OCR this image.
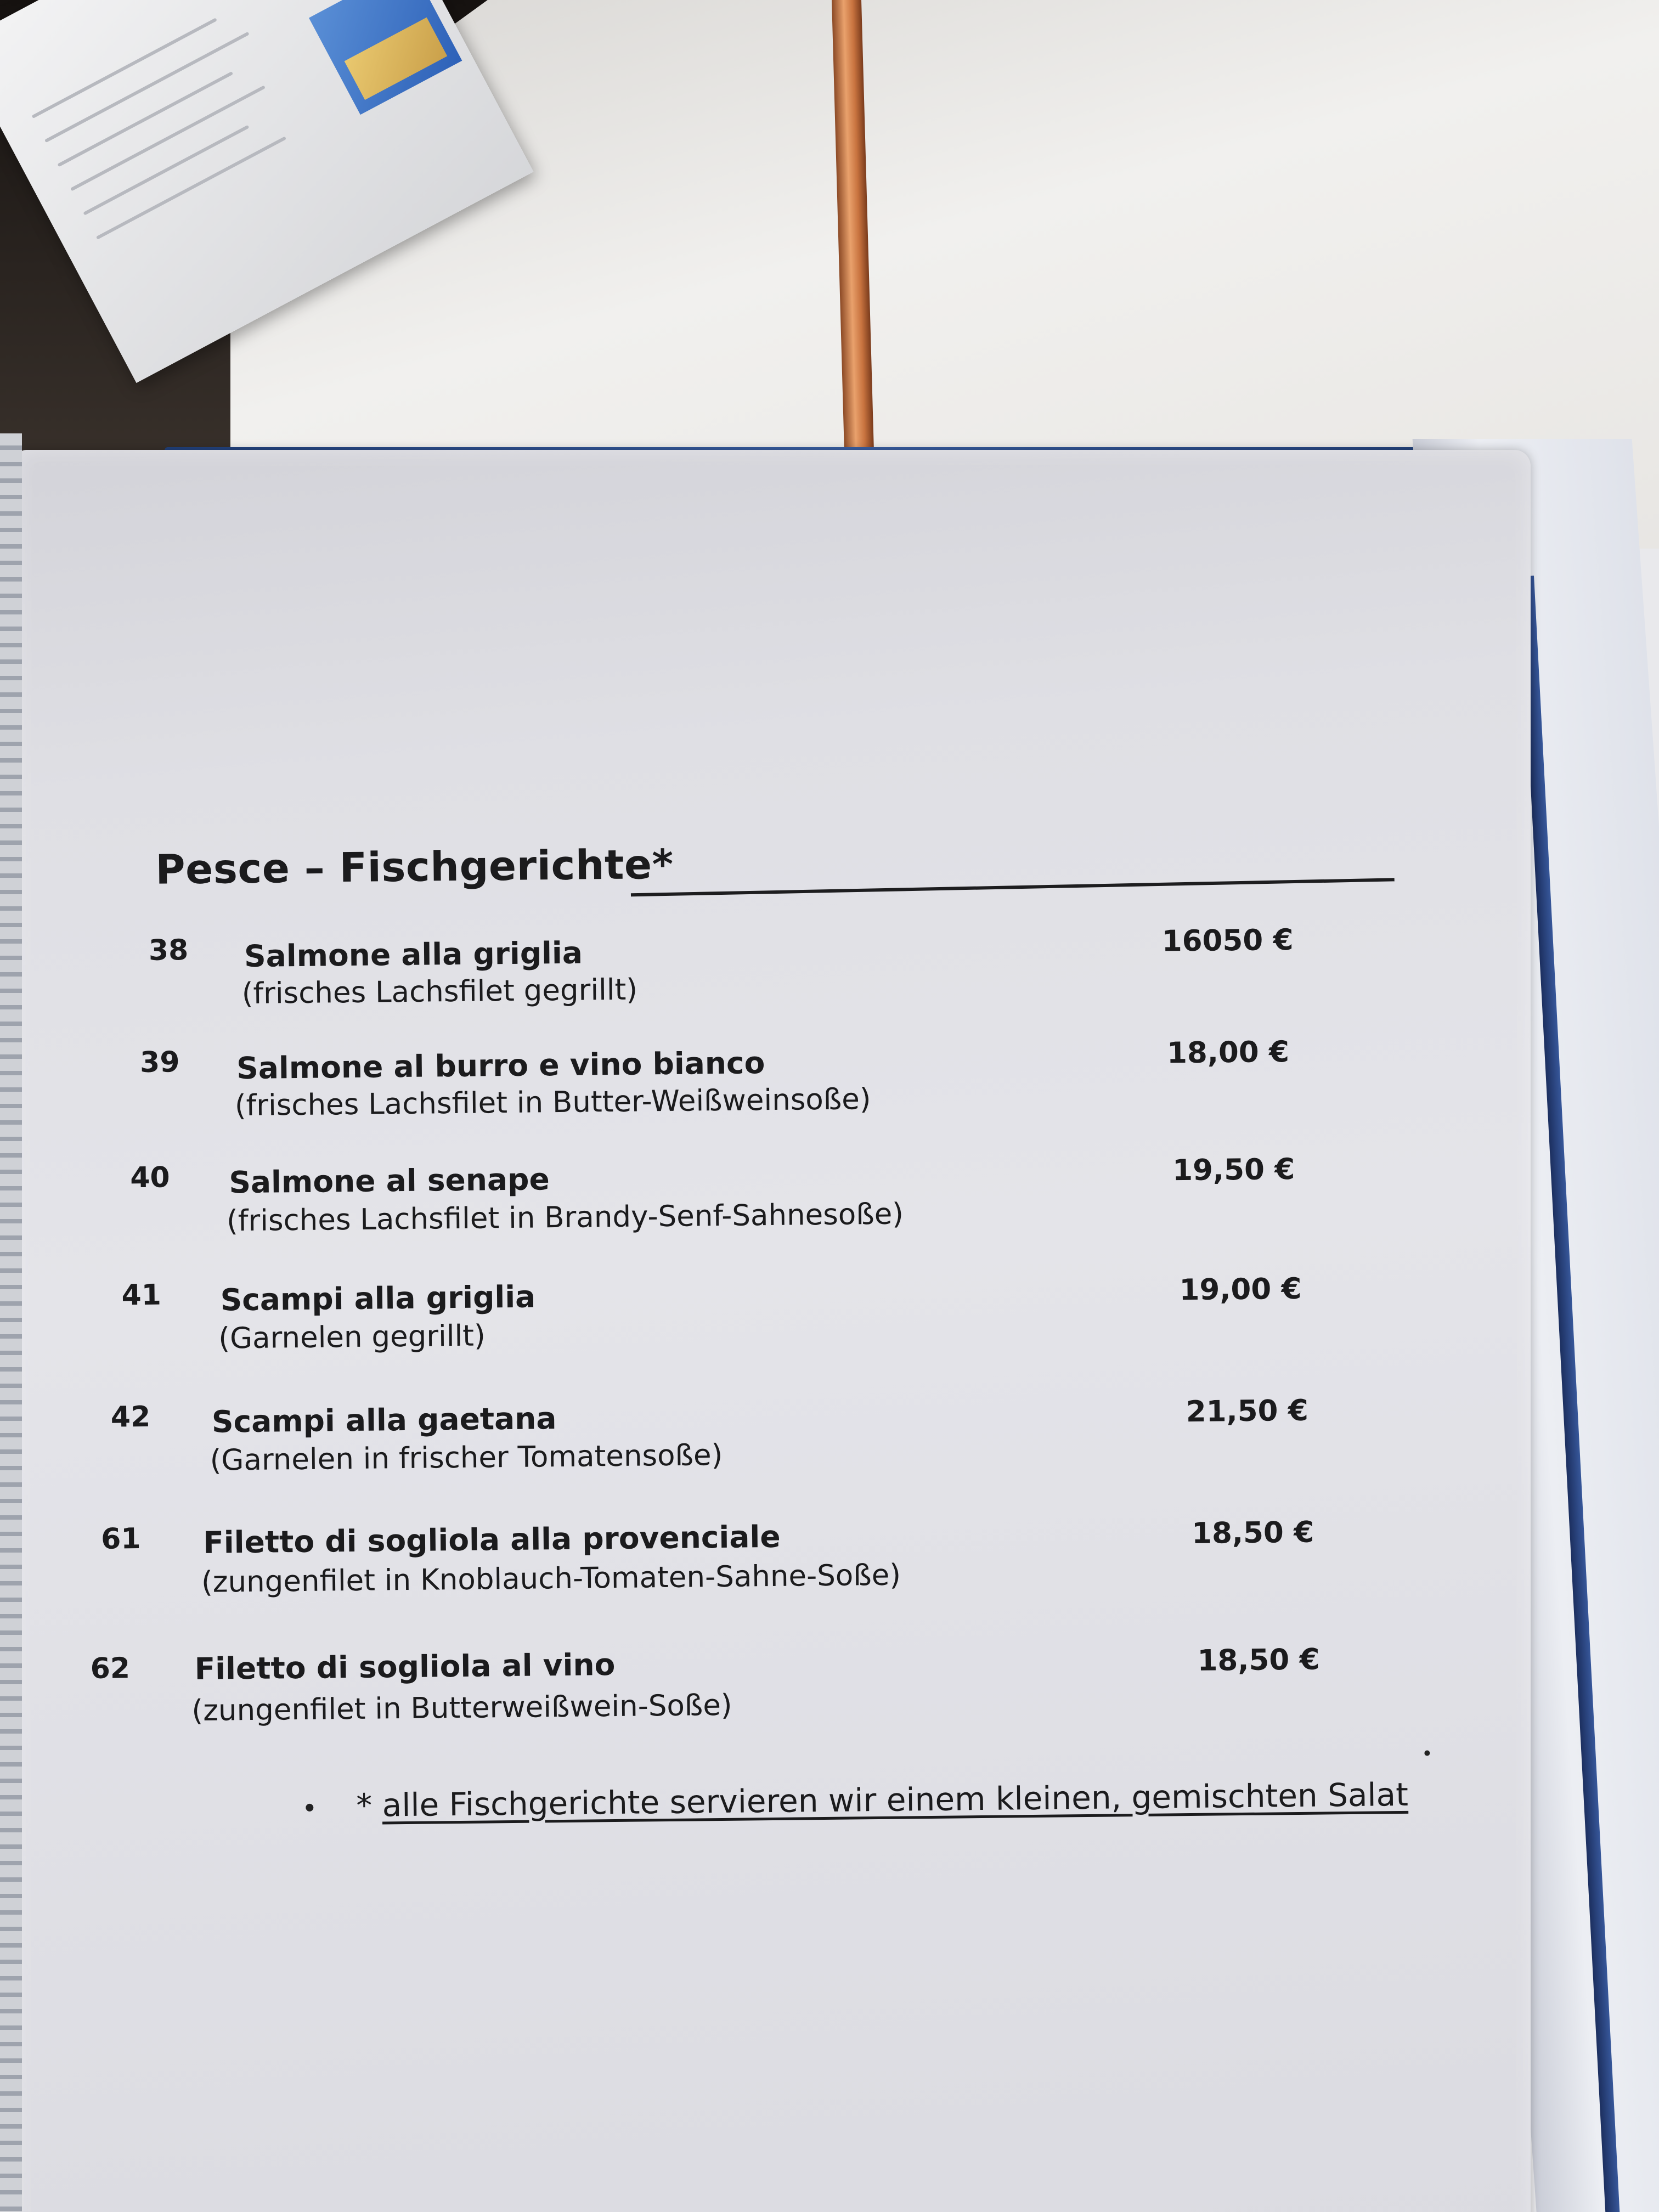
Pesce – Fischgerichte*
38 Salmone alla griglia
(frisches Lachsfilet gegrillt)
16050 €
39 Salmone al burro e vino bianco
(frisches Lachsfilet in Butter-Weißweinsoße)
18,00 €
40 Salmone al senape
(frisches Lachsfilet in Brandy-Senf-Sahnesoße)
19,50 €
41 Scampi alla griglia
(Garnelen gegrillt)
19,00 €
42 Scampi alla gaetana
(Garnelen in frischer Tomatensoße)
21,50 €
61 Filetto di sogliola alla provenciale
(zungenfilet in Knoblauch-Tomaten-Sahne-Soße)
18,50 €
62 Filetto di sogliola al vino
(zungenfilet in Butterweißwein-Soße)
18,50 €
* alle Fischgerichte servieren wir einem kleinen, gemischten Salat
